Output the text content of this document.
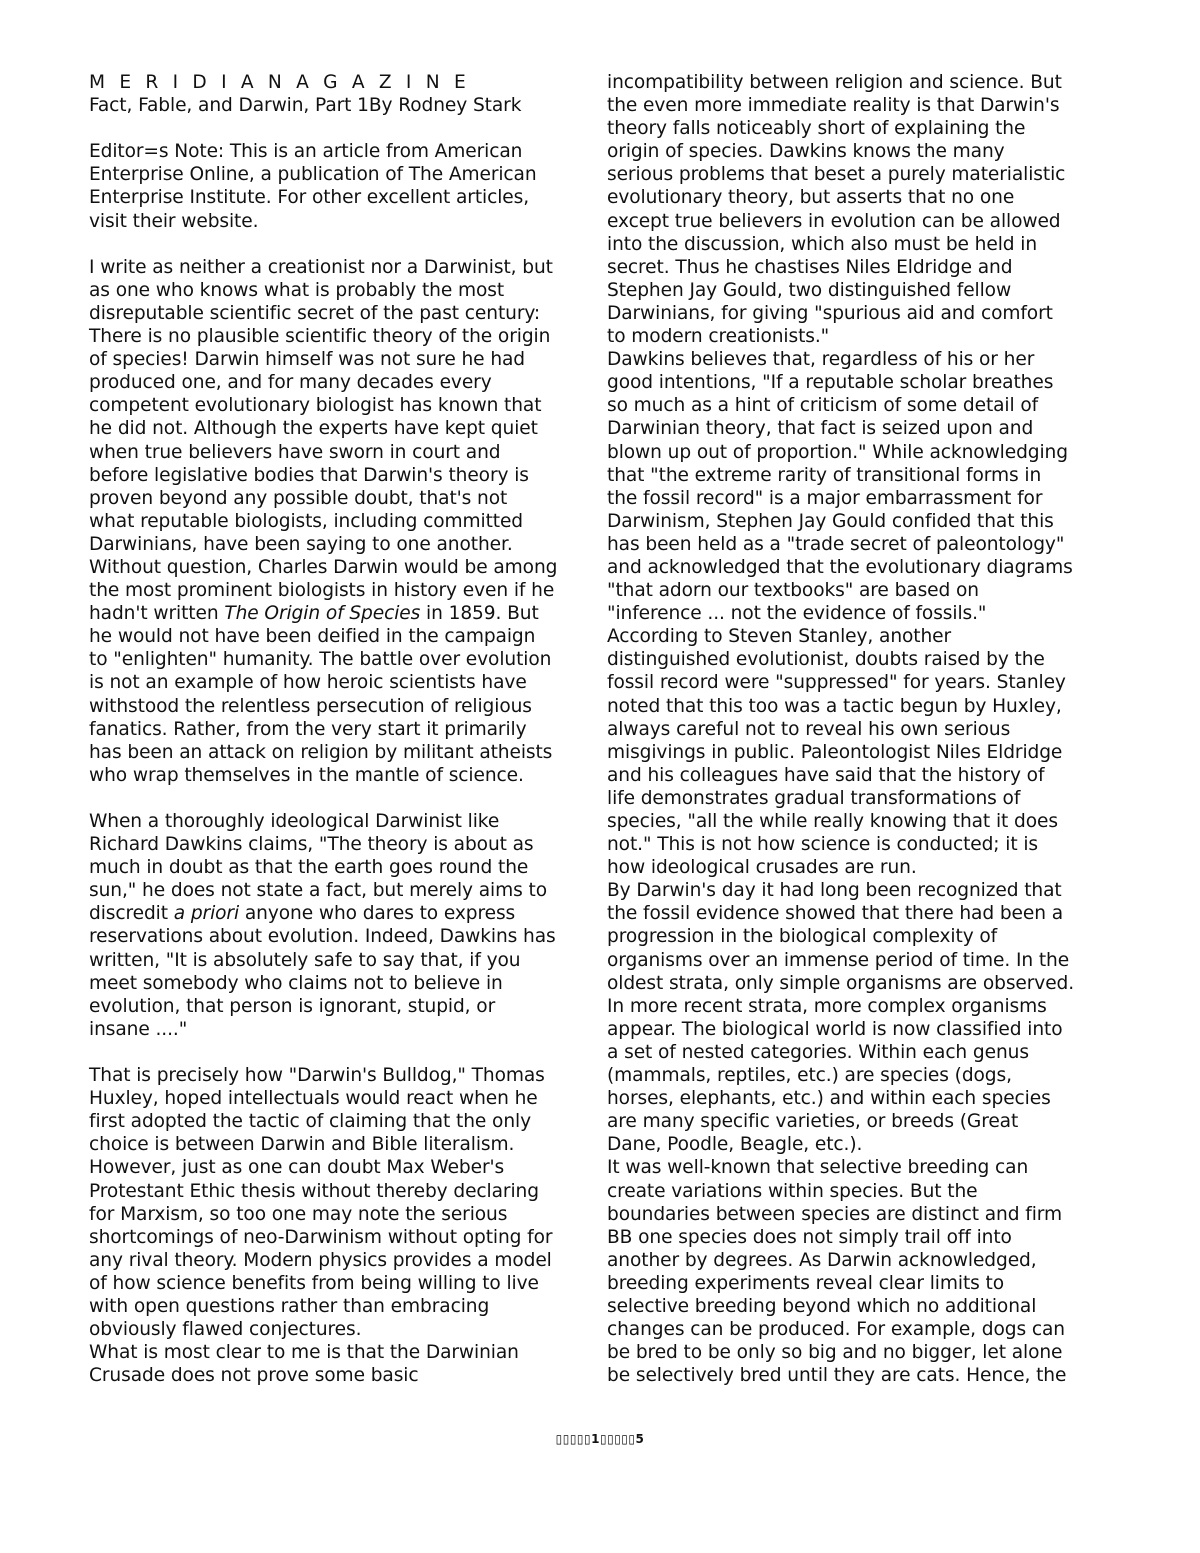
M E R I D I A N A G A Z I N E
Fact, Fable, and Darwin, Part 1By Rodney Stark
Editor=s Note: This is an article from American
Enterprise Online, a publication of The American
Enterprise Institute. For other excellent articles,
visit their website.
I write as neither a creationist nor a Darwinist, but
as one who knows what is probably the most
disreputable scientific secret of the past century:
There is no plausible scientific theory of the origin
of species! Darwin himself was not sure he had
produced one, and for many decades every
competent evolutionary biologist has known that
he did not. Although the experts have kept quiet
when true believers have sworn in court and
before legislative bodies that Darwin's theory is
proven beyond any possible doubt, that's not
what reputable biologists, including committed
Darwinians, have been saying to one another.
Without question, Charles Darwin would be among
the most prominent biologists in history even if he
hadn't written The Origin of Species in 1859. But
he would not have been deified in the campaign
to "enlighten" humanity. The battle over evolution
is not an example of how heroic scientists have
withstood the relentless persecution of religious
fanatics. Rather, from the very start it primarily
has been an attack on religion by militant atheists
who wrap themselves in the mantle of science.
When a thoroughly ideological Darwinist like
Richard Dawkins claims, "The theory is about as
much in doubt as that the earth goes round the
sun," he does not state a fact, but merely aims to
discredit a priori anyone who dares to express
reservations about evolution. Indeed, Dawkins has
written, "It is absolutely safe to say that, if you
meet somebody who claims not to believe in
evolution, that person is ignorant, stupid, or
insane ...."
That is precisely how "Darwin's Bulldog," Thomas
Huxley, hoped intellectuals would react when he
first adopted the tactic of claiming that the only
choice is between Darwin and Bible literalism.
However, just as one can doubt Max Weber's
Protestant Ethic thesis without thereby declaring
for Marxism, so too one may note the serious
shortcomings of neo-Darwinism without opting for
any rival theory. Modern physics provides a model
of how science benefits from being willing to live
with open questions rather than embracing
obviously flawed conjectures.
What is most clear to me is that the Darwinian
Crusade does not prove some basic
incompatibility between religion and science. But
the even more immediate reality is that Darwin's
theory falls noticeably short of explaining the
origin of species. Dawkins knows the many
serious problems that beset a purely materialistic
evolutionary theory, but asserts that no one
except true believers in evolution can be allowed
into the discussion, which also must be held in
secret. Thus he chastises Niles Eldridge and
Stephen Jay Gould, two distinguished fellow
Darwinians, for giving "spurious aid and comfort
to modern creationists."
Dawkins believes that, regardless of his or her
good intentions, "If a reputable scholar breathes
so much as a hint of criticism of some detail of
Darwinian theory, that fact is seized upon and
blown up out of proportion." While acknowledging
that "the extreme rarity of transitional forms in
the fossil record" is a major embarrassment for
Darwinism, Stephen Jay Gould confided that this
has been held as a "trade secret of paleontology"
and acknowledged that the evolutionary diagrams
"that adorn our textbooks" are based on
"inference ... not the evidence of fossils."
According to Steven Stanley, another
distinguished evolutionist, doubts raised by the
fossil record were "suppressed" for years. Stanley
noted that this too was a tactic begun by Huxley,
always careful not to reveal his own serious
misgivings in public. Paleontologist Niles Eldridge
and his colleagues have said that the history of
life demonstrates gradual transformations of
species, "all the while really knowing that it does
not." This is not how science is conducted; it is
how ideological crusades are run.
By Darwin's day it had long been recognized that
the fossil evidence showed that there had been a
progression in the biological complexity of
organisms over an immense period of time. In the
oldest strata, only simple organisms are observed.
In more recent strata, more complex organisms
appear. The biological world is now classified into
a set of nested categories. Within each genus
(mammals, reptiles, etc.) are species (dogs,
horses, elephants, etc.) and within each species
are many specific varieties, or breeds (Great
Dane, Poodle, Beagle, etc.).
It was well-known that selective breeding can
create variations within species. But the
boundaries between species are distinct and firm
BB one species does not simply trail off into
another by degrees. As Darwin acknowledged,
breeding experiments reveal clear limits to
selective breeding beyond which no additional
changes can be produced. For example, dogs can
be bred to be only so big and no bigger, let alone
be selectively bred until they are cats. Hence, the
▯▯▯▯▯1▯▯▯▯▯5
